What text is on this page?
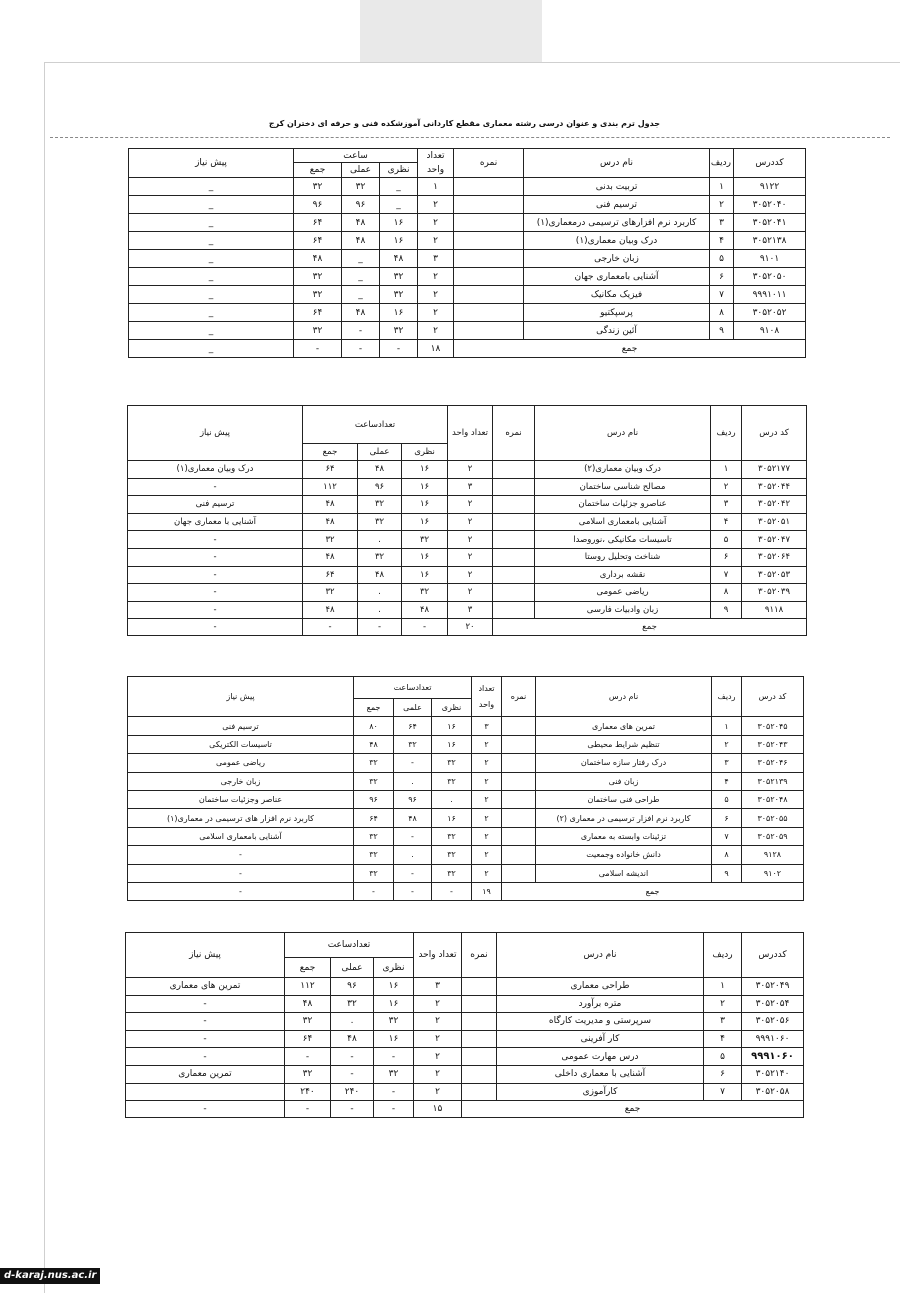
جدول ترم بندی و عنوان درسی رشته معماری مقطع کاردانی آموزشکده فنی و حرفه ای دختران کرج
کددرس	ردیف	نام درس	نمره	تعداد واحد	ساعت			پیش نیاز
					نظری	عملی	جمع	
۹۱۲۲	۱	تربیت بدنی		۱	_	۳۲	۳۲	_
۳۰۵۲۰۴۰	۲	ترسیم فنی		۲	_	۹۶	۹۶	_
۳۰۵۲۰۴۱	۳	کاربرد نرم افزارهای ترسیمی درمعماری(۱)		۲	۱۶	۴۸	۶۴	_
۳۰۵۲۱۳۸	۴	درک وبیان معماری(۱)		۲	۱۶	۴۸	۶۴	_
۹۱۰۱	۵	زبان خارجی		۳	۴۸	_	۴۸	_
۳۰۵۲۰۵۰	۶	آشنایی بامعماری جهان		۲	۳۲	_	۳۲	_
۹۹۹۱۰۱۱	۷	فیزیک مکانیک		۲	۳۲	_	۳۲	_
۳۰۵۲۰۵۲	۸	پرسپکتیو		۲	۱۶	۴۸	۶۴	_
۹۱۰۸	۹	آئین زندگی		۲	۳۲	-	۳۲	_
جمع				۱۸	-	-	-	_
کد درس	ردیف	نام درس	نمره	تعداد واحد	تعدادساعت			پیش نیاز
					نظری	عملی	جمع	
۳۰۵۲۱۷۷	۱	درک وبیان معماری(۲)		۲	۱۶	۴۸	۶۴	درک وبیان معماری(۱)
۳۰۵۲۰۴۴	۲	مصالح شناسی ساختمان		۳	۱۶	۹۶	۱۱۲	-
۳۰۵۲۰۴۲	۳	عناصرو جزئیات ساختمان		۲	۱۶	۳۲	۴۸	ترسیم فنی
۳۰۵۲۰۵۱	۴	آشنایی بامعماری اسلامی		۲	۱۶	۳۲	۴۸	آشنایی با معماری جهان
۳۰۵۲۰۴۷	۵	تاسیسات مکانیکی ،نوروصدا		۲	۳۲	.	۳۲	-
۳۰۵۲۰۶۴	۶	شناخت وتحلیل روستا		۲	۱۶	۳۲	۴۸	-
۳۰۵۲۰۵۳	۷	نقشه برداری		۲	۱۶	۴۸	۶۴	-
۳۰۵۲۰۳۹	۸	ریاضی عمومی		۲	۳۲	.	۳۲	-
۹۱۱۸	۹	زبان وادبیات فارسی		۳	۴۸	.	۴۸	-
جمع				۲۰	-	-	-	-
کد درس	ردیف	نام درس	نمره	تعداد واحد	تعدادساعت			پیش نیاز
					نظری	علمی	جمع	
۳۰۵۲۰۴۵	۱	تمرین های معماری		۳	۱۶	۶۴	۸۰	ترسیم فنی
۳۰۵۲۰۴۳	۲	تنظیم شرایط محیطی		۲	۱۶	۳۲	۴۸	تاسیسات الکتریکی
۳۰۵۲۰۴۶	۳	درک رفتار سازه ساختمان		۲	۳۲	-	۳۲	ریاضی عمومی
۳۰۵۲۱۳۹	۴	زبان فنی		۲	۳۲	.	۳۲	زبان خارجی
۳۰۵۲۰۴۸	۵	طراحی فنی ساختمان		۲	.	۹۶	۹۶	عناصر وجزئیات ساختمان
۳۰۵۲۰۵۵	۶	کاربرد نرم افزار ترسیمی در معماری (۲)		۲	۱۶	۴۸	۶۴	کاربرد نرم افزار های ترسیمی در معماری(۱)
۳۰۵۲۰۵۹	۷	تزئینات وابسته به معماری		۲	۳۲	-	۳۲	آشنایی بامعماری اسلامی
۹۱۲۸	۸	دانش خانواده وجمعیت		۲	۳۲	.	۳۲	-
۹۱۰۲	۹	اندیشه اسلامی		۲	۳۲	-	۳۲	-
جمع				۱۹	-	-	-	-
کددرس	ردیف	نام درس	نمره	تعداد واحد	تعدادساعت			پیش نیاز
					نظری	عملی	جمع	
۳۰۵۲۰۴۹	۱	طراحی معماری		۳	۱۶	۹۶	۱۱۲	تمرین های معماری
۳۰۵۲۰۵۴	۲	متره برآورد		۲	۱۶	۳۲	۴۸	-
۳۰۵۲۰۵۶	۳	سرپرستی و مدیریت کارگاه		۲	۳۲	.	۳۲	-
۹۹۹۱۰۶۰	۴	کار آفرینی		۲	۱۶	۴۸	۶۴	-
۹۹۹۱۰۶۰	۵	درس مهارت عمومی		۲	-	-	-	-
۳۰۵۲۱۴۰	۶	آشنایی با معماری داخلی		۲	۳۲	-	۳۲	تمرین معماری
۳۰۵۲۰۵۸	۷	کارآموزی		۲	-	۲۴۰	۲۴۰	
جمع				۱۵	-	-	-	-
d-karaj.nus.ac.ir
